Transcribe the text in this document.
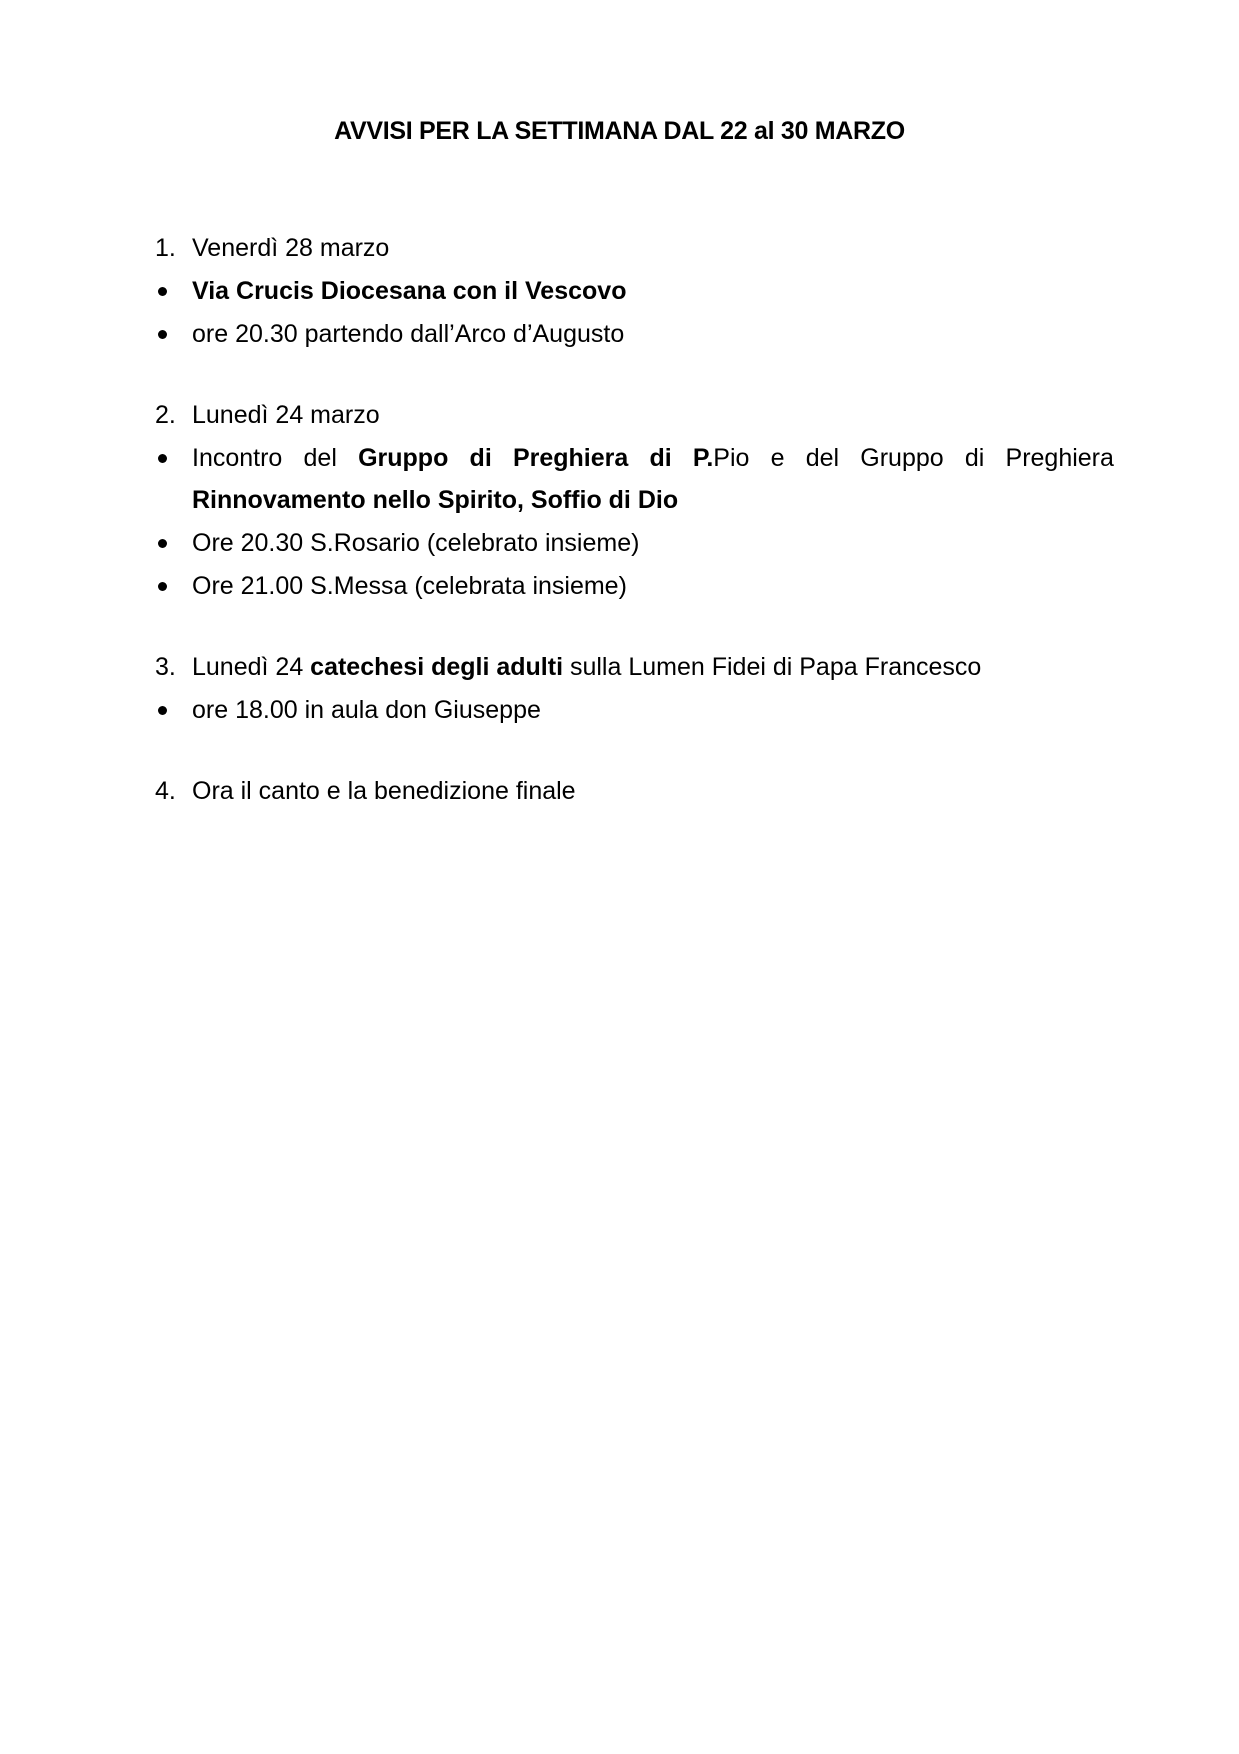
AVVISI PER LA SETTIMANA DAL 22 al 30 MARZO
1. Venerdì 28 marzo
Via Crucis Diocesana con il Vescovo
ore 20.30 partendo dall’Arco d’Augusto
2. Lunedì 24 marzo
Incontro del Gruppo di Preghiera di P.Pio e del Gruppo di Preghiera
Rinnovamento nello Spirito, Soffio di Dio
Ore 20.30 S.Rosario (celebrato insieme)
Ore 21.00 S.Messa (celebrata insieme)
3. Lunedì 24 catechesi degli adulti sulla Lumen Fidei di Papa Francesco
ore 18.00 in aula don Giuseppe
4. Ora il canto e la benedizione finale
